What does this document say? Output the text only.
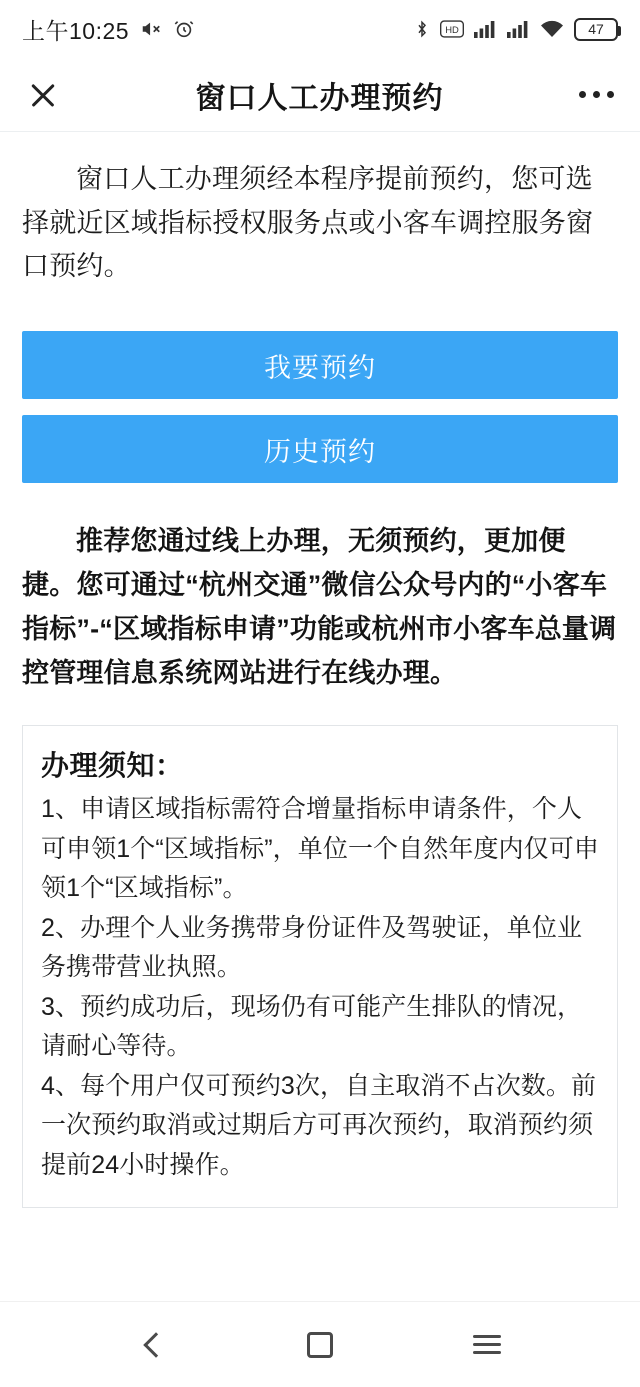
上午10:25	HD	47
窗口人工办理预约

窗口人工办理须经本程序提前预约，您可选择就近区域指标授权服务点或小客车调控服务窗口预约。

我要预约
历史预约

推荐您通过线上办理，无须预约，更加便捷。您可通过“杭州交通”微信公众号内的“小客车指标”-“区域指标申请”功能或杭州市小客车总量调控管理信息系统网站进行在线办理。

办理须知：

1、申请区域指标需符合增量指标申请条件，个人可申领1个“区域指标”，单位一个自然年度内仅可申领1个“区域指标”。

2、办理个人业务携带身份证件及驾驶证，单位业务携带营业执照。

3、预约成功后，现场仍有可能产生排队的情况，请耐心等待。

4、每个用户仅可预约3次，自主取消不占次数。前一次预约取消或过期后方可再次预约，取消预约须提前24小时操作。
